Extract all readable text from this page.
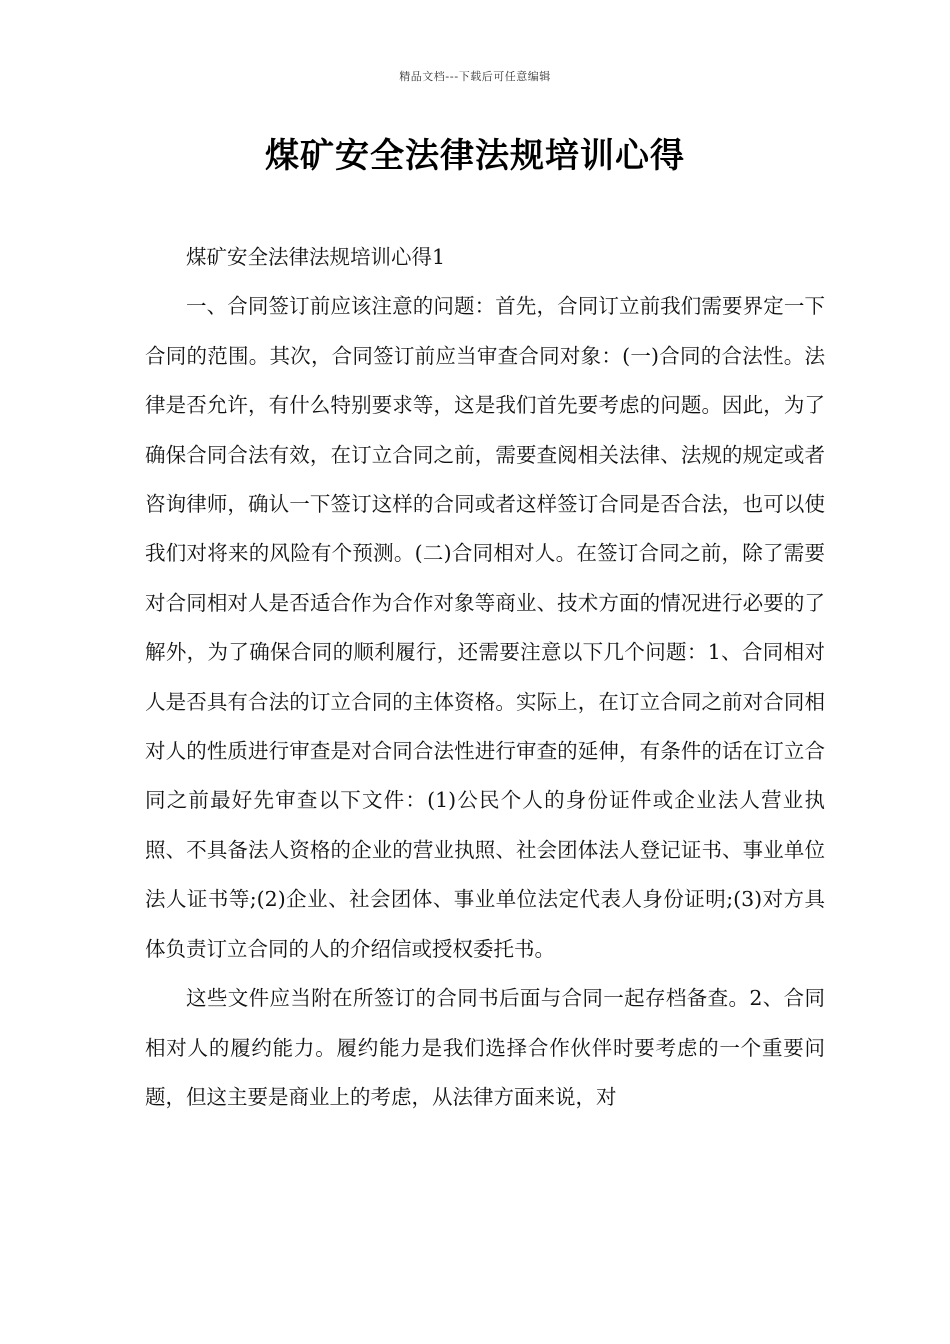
精品文档---下载后可任意编辑
煤矿安全法律法规培训心得

煤矿安全法律法规培训心得1

一、合同签订前应该注意的问题：首先，合同订立前我们需要界定一下合同的范围。其次，合同签订前应当审查合同对象：(一)合同的合法性。法律是否允许，有什么特别要求等，这是我们首先要考虑的问题。因此，为了 确保合同合法有效，在订立合同之前，需要查阅相关法律、法规的规定或者咨询律师，确认一下签订这样的合同或者这样签订合同是否合法，也可以使我们对将来的风险有个预测。(二)合同相对人。在签订合同之前，除了需要对合同相对人是否适合作为合作对象等商业、技术方面的情况进行必要的了解外，为了确保合同的顺利履行，还需要注意以下几个问题：1、合同相对人是否具有合法的订立合同的主体资格。实际上，在订立合同之前对合同相对人的性质进行审查是对合同合法性进行审查的延伸，有条件的话在订立合同之前最好先审查以下文件：(1)公民个人的身份证件或企业法人营业执照、不具备法人资格的企业的营业执照、社会团体法人登记证书、事业单位法人证书等;(2)企业、社会团体、事业单位法定代表人身份证明;(3)对方具体负责订立合同的人的介绍信或授权委托书。

这些文件应当附在所签订的合同书后面与合同一起存档备查。2、合同相对人的履约能力。履约能力是我们选择合作伙伴时要考虑的一个重要问题，但这主要是商业上的考虑，从法律方面来说，对
